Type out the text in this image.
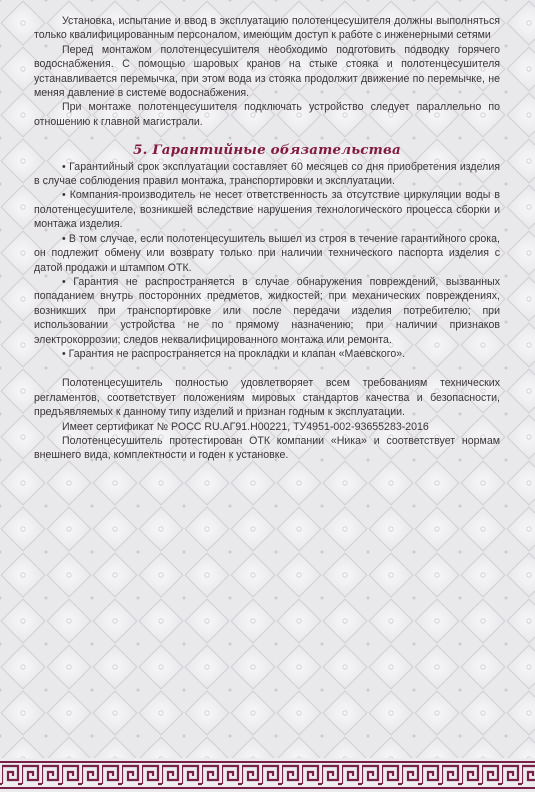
Установка, испытание и ввод в эксплуатацию полотенцесушителя должны выполняться только квалифицированным персоналом, имеющим доступ к работе с инженерными сетями

Перед монтажом полотенцесушителя необходимо подготовить подводку горячего водоснабжения. С помощью шаровых кранов на стыке стояка и полотенцесушителя устанавливается перемычка, при этом вода из стояка продолжит движение по перемычке, не меняя давление в системе водоснабжения.

При монтаже полотенцесушителя подключать устройство следует параллельно по отношению к главной магистрали.

5. Гарантийные обязательства

• Гарантийный срок эксплуатации составляет 60 месяцев со дня приобретения изделия в случае соблюдения правил монтажа, транспортировки и эксплуатации.

• Компания-производитель не несет ответственность за отсутствие циркуляции воды в полотенцесушителе, возникшей вследствие нарушения технологического процесса сборки и монтажа изделия.

• В том случае, если полотенцесушитель вышел из строя в течение гарантийного срока, он подлежит обмену или возврату только при наличии технического паспорта изделия с датой продажи и штампом ОТК.

• Гарантия не распространяется в случае обнаружения повреждений, вызванных попаданием внутрь посторонних предметов, жидкостей; при механических повреждениях, возникших при транспортировке или после передачи изделия потребителю; при использовании устройства не по прямому назначению; при наличии признаков электрокоррозии; следов неквалифицированного монтажа или ремонта.

• Гарантия не распространяется на прокладки и клапан «Маевского».

Полотенцесушитель полностью удовлетворяет всем требованиям технических регламентов, соответствует положениям мировых стандартов качества и безопасности, предъявляемых к данному типу изделий и признан годным к эксплуатации.

Имеет сертификат № РОСС RU.АГ91.Н00221, ТУ4951-002-93655283-2016

Полотенцесушитель протестирован ОТК компании «Ника» и соответствует нормам внешнего вида, комплектности и годен к установке.
